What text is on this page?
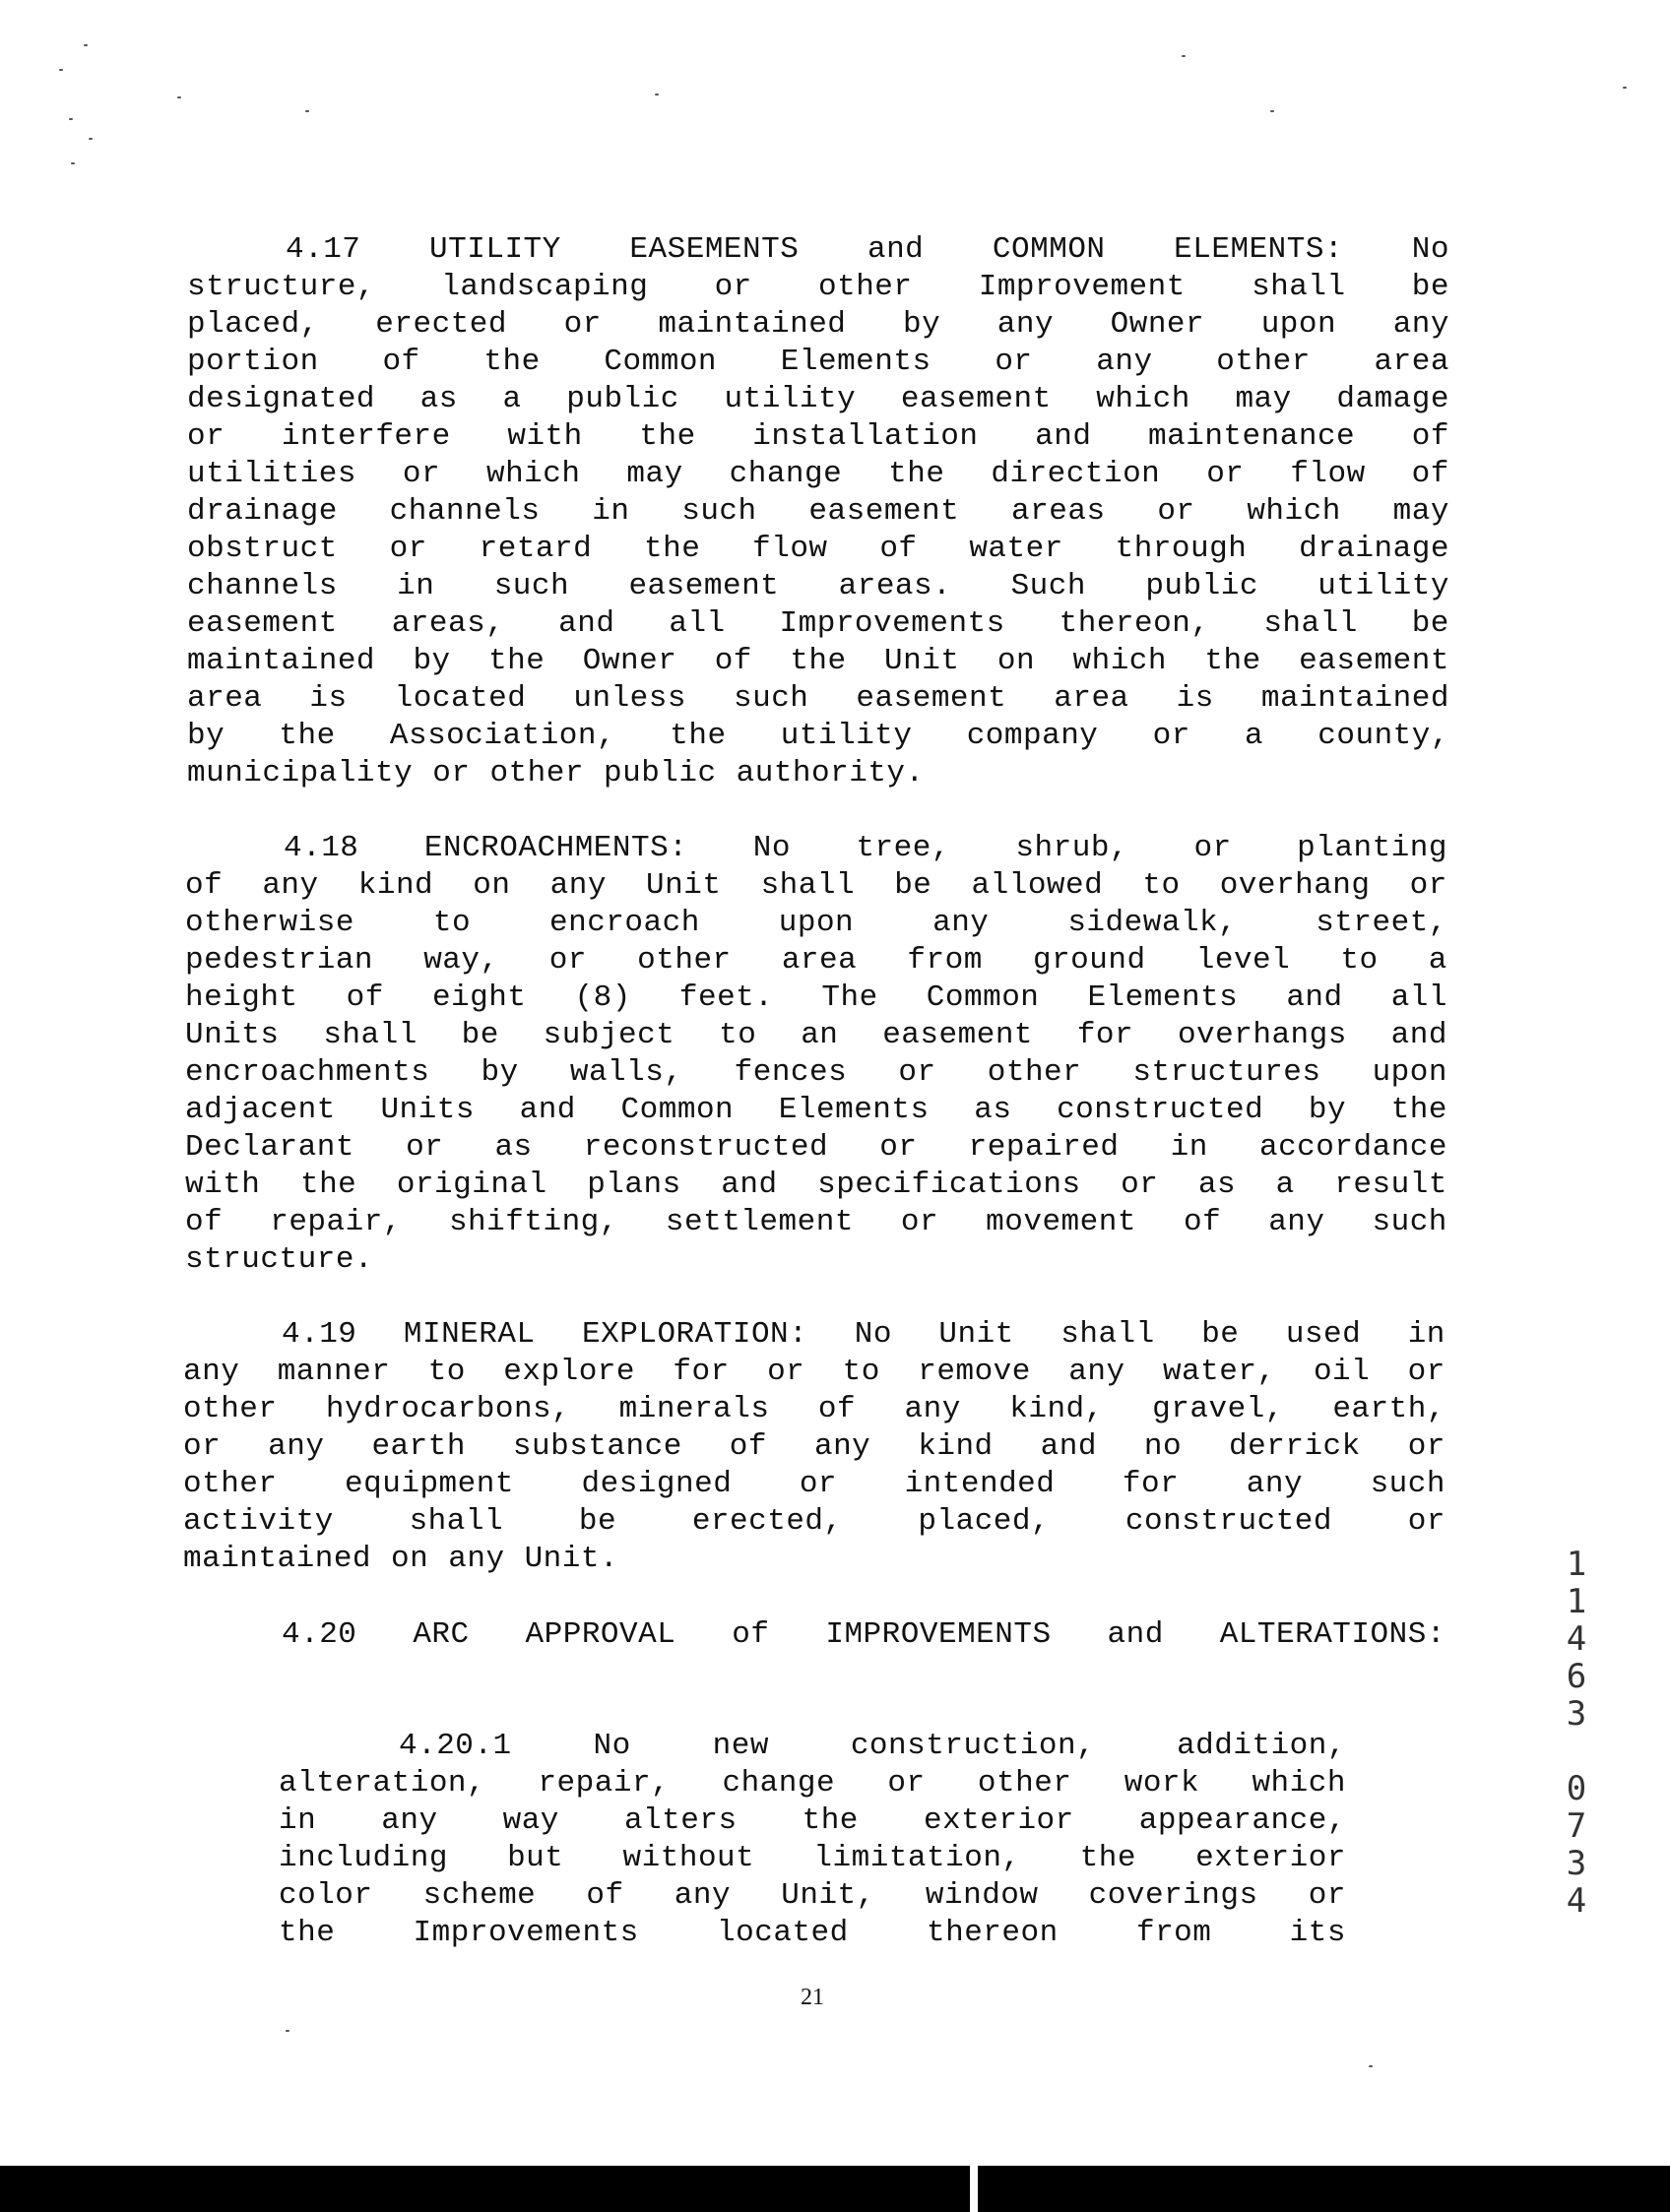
4.17 UTILITY EASEMENTS and COMMON ELEMENTS: No
structure, landscaping or other Improvement shall be
placed, erected or maintained by any Owner upon any
portion of the Common Elements or any other area
designated as a public utility easement which may damage
or interfere with the installation and maintenance of
utilities or which may change the direction or flow of
drainage channels in such easement areas or which may
obstruct or retard the flow of water through drainage
channels in such easement areas. Such public utility
easement areas, and all Improvements thereon, shall be
maintained by the Owner of the Unit on which the easement
area is located unless such easement area is maintained
by the Association, the utility company or a county,
municipality or other public authority.
4.18 ENCROACHMENTS: No tree, shrub, or planting
of any kind on any Unit shall be allowed to overhang or
otherwise	to	encroach	upon	any	sidewalk,	street,
pedestrian way, or other area from ground level to a
height of eight (8) feet. The Common Elements and all
Units shall be subject to an easement for overhangs and
encroachments by walls, fences or other structures upon
adjacent Units and Common Elements as constructed by the
Declarant or as reconstructed or repaired in accordance
with the original plans and specifications or as a result
of repair, shifting, settlement or movement of any such
structure.
4.19 MINERAL EXPLORATION: No Unit shall be used in
any manner to explore for or to remove any water, oil or
other hydrocarbons, minerals of any kind, gravel, earth,
or any earth substance of any kind and no derrick or
other equipment designed or intended for any such
activity shall be erected, placed, constructed or
maintained on any Unit.
4.20 ARC APPROVAL of IMPROVEMENTS and ALTERATIONS:
4.20.1	No	new	construction,	addition,
alteration, repair, change or other work which
in any way alters the exterior appearance,
including but without limitation, the exterior
color scheme of any Unit, window coverings or
the	Improvements	located	thereon	from	its
21
1
1
4
6
3
0
7
3
4
